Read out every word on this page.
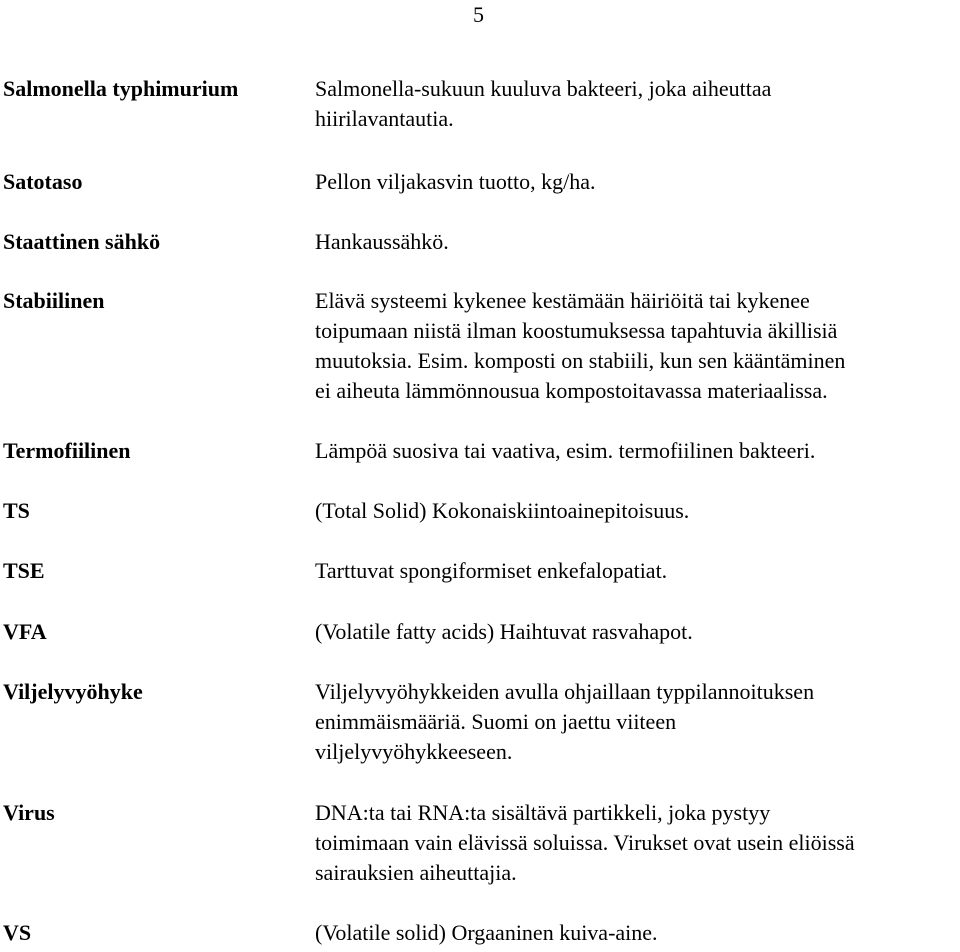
5
Salmonella typhimurium	Salmonella-sukuun kuuluva bakteeri, joka aiheuttaa
hiirilavantautia.
Satotaso	Pellon viljakasvin tuotto, kg/ha.
Staattinen sähkö	Hankaussähkö.
Stabiilinen	Elävä systeemi kykenee kestämään häiriöitä tai kykenee
toipumaan niistä ilman koostumuksessa tapahtuvia äkillisiä
muutoksia. Esim. komposti on stabiili, kun sen kääntäminen
ei aiheuta lämmönnousua kompostoitavassa materiaalissa.
Termofiilinen	Lämpöä suosiva tai vaativa, esim. termofiilinen bakteeri.
TS	(Total Solid) Kokonaiskiintoainepitoisuus.
TSE	Tarttuvat spongiformiset enkefalopatiat.
VFA	(Volatile fatty acids) Haihtuvat rasvahapot.
Viljelyvyöhyke	Viljelyvyöhykkeiden avulla ohjaillaan typpilannoituksen
enimmäismääriä. Suomi on jaettu viiteen
viljelyvyöhykkeeseen.
Virus	DNA:ta tai RNA:ta sisältävä partikkeli, joka pystyy
toimimaan vain elävissä soluissa. Virukset ovat usein eliöissä
sairauksien aiheuttajia.
VS	(Volatile solid) Orgaaninen kuiva-aine.
